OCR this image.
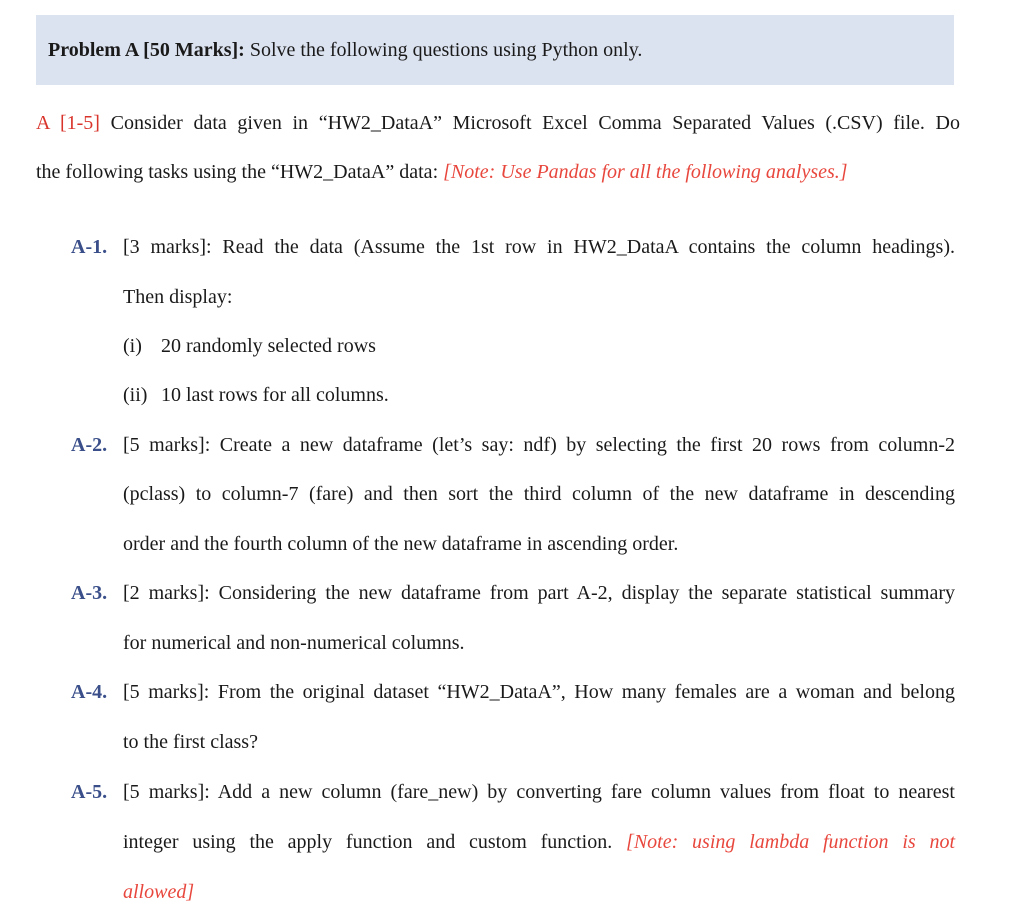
Problem A [50 Marks]: Solve the following questions using Python only.
A [1-5] Consider data given in “HW2_DataA” Microsoft Excel Comma Separated Values (.CSV) file. Do
the following tasks using the “HW2_DataA” data: [Note: Use Pandas for all the following analyses.]
A-1. [3 marks]: Read the data (Assume the 1st row in HW2_DataA contains the column headings).
Then display:
(i) 20 randomly selected rows
(ii) 10 last rows for all columns.
A-2. [5 marks]: Create a new dataframe (let’s say: ndf) by selecting the first 20 rows from column-2
(pclass) to column-7 (fare) and then sort the third column of the new dataframe in descending
order and the fourth column of the new dataframe in ascending order.
A-3. [2 marks]: Considering the new dataframe from part A-2, display the separate statistical summary
for numerical and non-numerical columns.
A-4. [5 marks]: From the original dataset “HW2_DataA”, How many females are a woman and belong
to the first class?
A-5. [5 marks]: Add a new column (fare_new) by converting fare column values from float to nearest
integer using the apply function and custom function. [Note: using lambda function is not
allowed]
